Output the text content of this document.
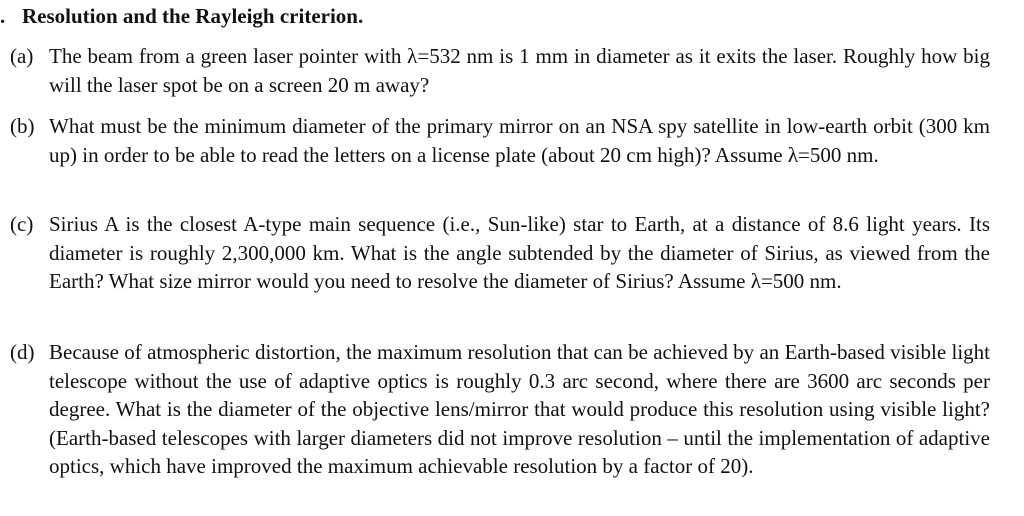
. Resolution and the Rayleigh criterion.
(a) The beam from a green laser pointer with λ=532 nm is 1 mm in diameter as it exits the laser. Roughly how big will the laser spot be on a screen 20 m away?
(b) What must be the minimum diameter of the primary mirror on an NSA spy satellite in low-earth orbit (300 km up) in order to be able to read the letters on a license plate (about 20 cm high)? Assume λ=500 nm.
(c) Sirius A is the closest A-type main sequence (i.e., Sun-like) star to Earth, at a distance of 8.6 light years. Its diameter is roughly 2,300,000 km. What is the angle subtended by the diameter of Sirius, as viewed from the Earth? What size mirror would you need to resolve the diameter of Sirius? Assume λ=500 nm.
(d) Because of atmospheric distortion, the maximum resolution that can be achieved by an Earth-based visible light telescope without the use of adaptive optics is roughly 0.3 arc second, where there are 3600 arc seconds per degree. What is the diameter of the objective lens/mirror that would produce this resolution using visible light? (Earth-based telescopes with larger diameters did not improve resolution – until the implementation of adaptive optics, which have improved the maximum achievable resolution by a factor of 20).
